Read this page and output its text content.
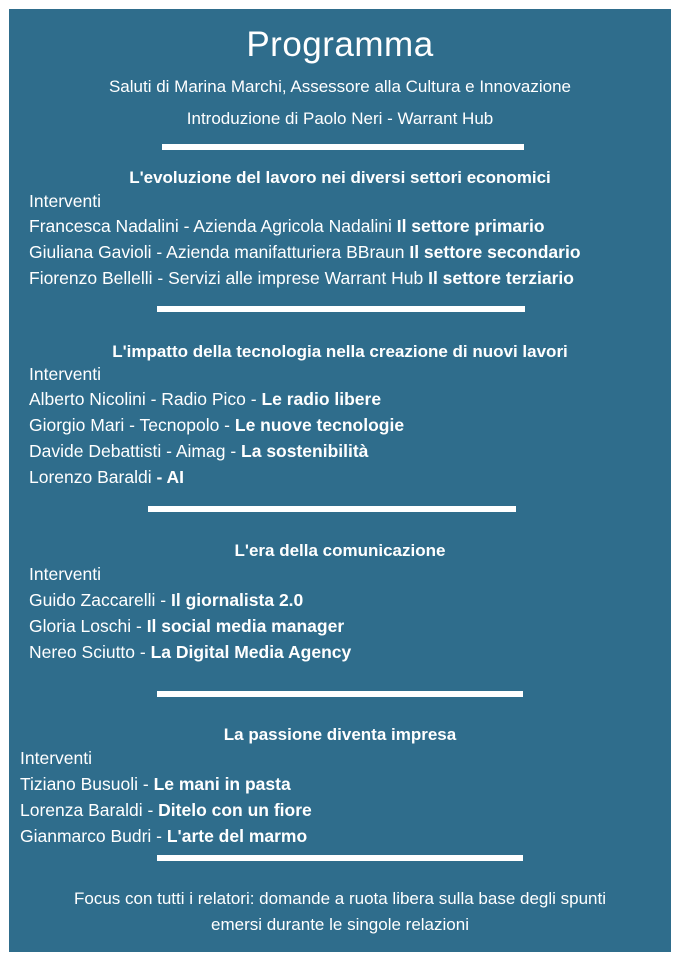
Programma
Saluti di Marina Marchi, Assessore alla Cultura e Innovazione
Introduzione di Paolo Neri - Warrant Hub
L'evoluzione del lavoro nei diversi settori economici
Interventi
Francesca Nadalini - Azienda Agricola Nadalini Il settore primario
Giuliana Gavioli - Azienda manifatturiera BBraun Il settore secondario
Fiorenzo Bellelli - Servizi alle imprese Warrant Hub Il settore terziario
L'impatto della tecnologia nella creazione di nuovi lavori
Interventi
Alberto Nicolini - Radio Pico - Le radio libere
Giorgio Mari - Tecnopolo - Le nuove tecnologie
Davide Debattisti - Aimag - La sostenibilità
Lorenzo Baraldi - AI
L'era della comunicazione
Interventi
Guido Zaccarelli - Il giornalista 2.0
Gloria Loschi - Il social media manager
Nereo Sciutto - La Digital Media Agency
La passione diventa impresa
Interventi
Tiziano Busuoli - Le mani in pasta
Lorenza Baraldi - Ditelo con un fiore
Gianmarco Budri - L'arte del marmo
Focus con tutti i relatori: domande a ruota libera sulla base degli spunti
emersi durante le singole relazioni
